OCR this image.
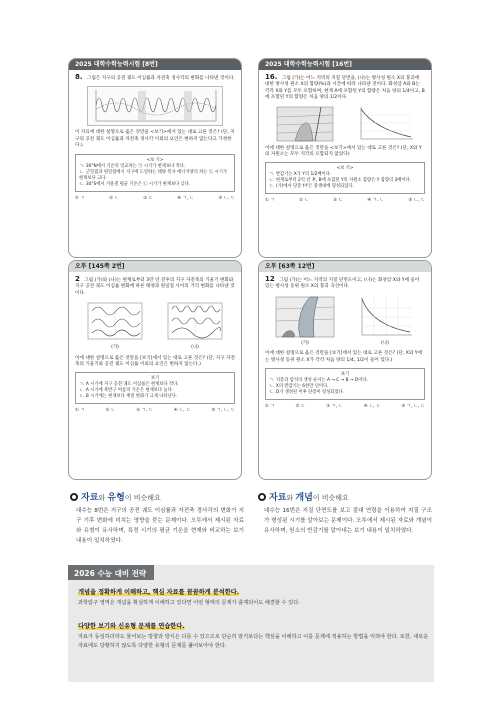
2025 대학수학능력시험 [8번]
8. 그림은 지구의 공전 궤도 이심률과 자전축 경사각의 변화를 나타낸 것이다.
이 자료에 대한 설명으로 옳은 것만을 <보기>에서 있는 대로 고른 것은? (단, 지구의 공전 궤도 이심률과 자전축 경사각 이외의 요인은 변하지 않는다고 가정한다.)
<보 기>
ㄱ. 30°N에서 기온의 연교차는 ㉠ 시기가 현재보다 작다.
ㄴ. 근일점과 원일점에서 지구에 도달하는 태양 복사 에너지양의 차는 ㉡ 시기가 현재보다 크다.
ㄷ. 30°S에서 겨울철 평균 기온은 ㉡ 시기가 현재보다 낮다.
① ㄱ	② ㄴ	③ ㄷ	④ ㄱ, ㄴ	⑤ ㄴ, ㄷ
오투 [145쪽 2번]
2 그림 (가)와 (나)는 현재로부터 3만 년 전후의 지구 자전축의 기울기 변화와 지구 공전 궤도 이심률 변화에 따른 태양과 원일점 사이의 거리 변화를 나타낸 것이다.
(가)	(나)
이에 대한 설명으로 옳은 것만을 [보기]에서 있는 대로 고른 것은? (단, 지구 자전축의 기울기와 공전 궤도 이심률 이외의 요인은 변하지 않는다.)
보기
ㄱ. A 시기에 지구 공전 궤도 이심률은 현재보다 작다.
ㄴ. A 시기에 북반구 여름의 기온은 현재보다 높다.
ㄷ. B 시기에는 현재보다 계절 변화가 크게 나타난다.
① ㄱ	② ㄴ	③ ㄱ, ㄷ	④ ㄴ, ㄷ	⑤ ㄱ, ㄴ, ㄷ
2025 대학수학능력시험 [16번]
16. 그림 (가)는 어느 지역의 지질 단면을, (나)는 방사성 원소 X의 붕괴에 대한 방사성 원소 X의 함량(%)과 시간에 따라 나타낸 것이다. 화성암 A와 B는 각각 X와 Y를 모두 포함하며, 현재 A에 포함된 Y의 함량은 처음 양의 1/4이고, B에 포함된 Y의 함량은 처음 양의 1/2이다.
이에 대한 설명으로 옳은 것만을 <보기>에서 있는 대로 고른 것은? (단, X와 Y의 자원소는 모두 지각의 포함되지 않았다)
<보 기>
ㄱ. 반감기는 X가 Y의 1/2배이다.
ㄴ. 현재로부터 2억 년 후, B에 포함된 Y의 자원소 함량은 Y 함량의 3배이다.
ㄷ. (가)에서 단층 f-f'은 중생대에 형성되었다.
① ㄱ	② ㄴ	③ ㄷ	④ ㄱ, ㄴ	⑤ ㄴ, ㄷ
오투 [63쪽 12번]
12 그림 (가)는 어느 지역의 지질 단면도이고, (나)는 화성암 X와 Y에 들어 있는 방사성 동위 원소 X의 붕괴 곡선이다.
(가)	(나)
이에 대한 설명으로 옳은 것만을 [보기]에서 있는 대로 고른 것은? (단, X와 Y에는 방사성 동위 원소 X가 각각 처음 양의 1/4, 1/2이 들어 있다.)
보기
ㄱ. 지층과 암석의 생성 순서는 A → C → B → D이다.
ㄴ. X의 반감기는 6천만 년이다.
ㄷ. D가 생성된 이후 단층이 형성되었다.
① ㄱ	② ㄷ	③ ㄱ, ㄴ	④ ㄴ, ㄷ	⑤ ㄱ, ㄴ, ㄷ
자료와 유형이 비슷해요
대수능 8번은 지구의 공전 궤도 이심률과 자전축 경사각의 변화가 지구 기후 변화에 미치는 영향을 묻는 문제이다. 오투에서 제시된 자료와 유형이 유사하며, 특정 시기의 평균 기온을 현재와 비교하는 보기 내용이 일치하였다.
자료와 개념이 비슷해요
대수능 16번은 지질 단면도를 보고 절대 연령을 이용하여 지질 구조가 형성된 시기를 알아보는 문제이다. 오투에서 제시된 자료와 개념이 유사하며, 원소의 반감기를 알아내는 보기 내용이 일치하였다.
2026 수능 대비 전략
개념을 정확하게 이해하고, 핵심 자료를 꼼꼼하게 분석한다.
과학탐구 영역은 개념을 확실하게 이해하고 있다면 어떤 형태의 문제가 출제되어도 해결할 수 있다.
다양한 보기와 신유형 문제를 연습한다.
자료가 동일하더라도 물어보는 방향과 방식은 다를 수 있으므로 단순히 암기보다는 핵심을 이해하고 이를 문제에 적용하는 방법을 익혀야 한다. 또한, 새로운 자료에도 당황하지 않도록 다양한 유형의 문제를 풀어보아야 한다.
